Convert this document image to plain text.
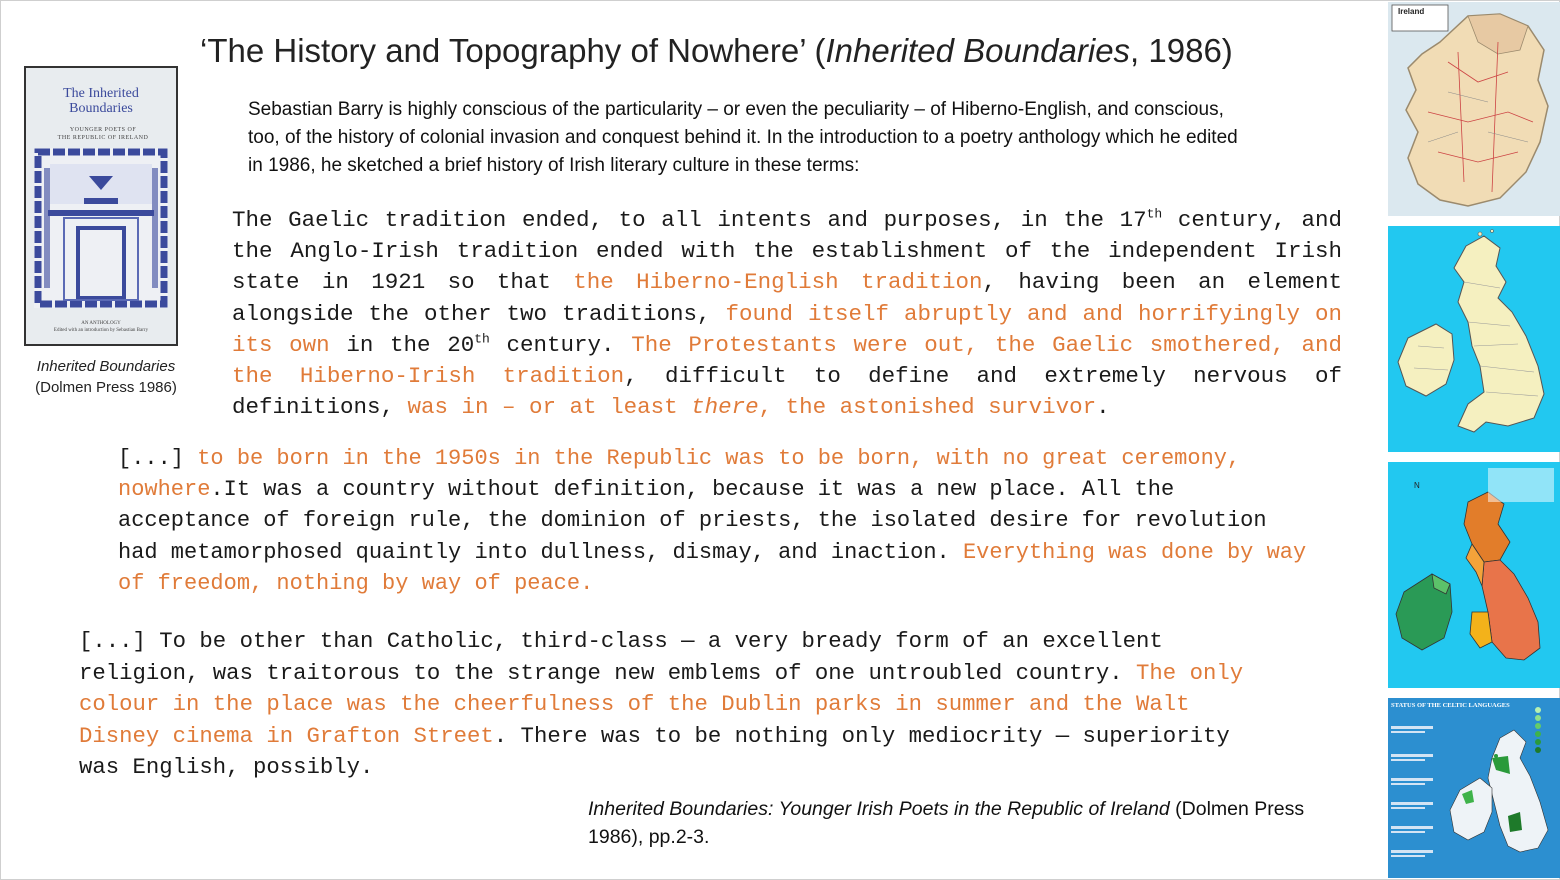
‘The History and Topography of Nowhere’ (Inherited Boundaries, 1986)
The Inherited
Boundaries
YOUNGER POETS OF
THE REPUBLIC OF IRELAND
AN ANTHOLOGY
Edited with an introduction by Sebastian Barry
Inherited Boundaries
(Dolmen Press 1986)
Sebastian Barry is highly conscious of the particularity – or even the peculiarity – of Hiberno-English, and conscious, too, of the history of colonial invasion and conquest behind it. In the introduction to a poetry anthology which he edited in 1986, he sketched a brief history of Irish literary culture in these terms:
The Gaelic tradition ended, to all intents and purposes, in the 17th century, and the Anglo-Irish tradition ended with the establishment of the independent Irish state in 1921 so that the Hiberno-English tradition, having been an element alongside the other two traditions, found itself abruptly and and horrifyingly on its own in the 20th century. The Protestants were out, the Gaelic smothered, and the Hiberno-Irish tradition, difficult to define and extremely nervous of definitions, was in – or at least there, the astonished survivor.
[...] to be born in the 1950s in the Republic was to be born, with no great ceremony, nowhere.It was a country without definition, because it was a new place. All the acceptance of foreign rule, the dominion of priests, the isolated desire for revolution had metamorphosed quaintly into dullness, dismay, and inaction. Everything was done by way of freedom, nothing by way of peace.
[...] To be other than Catholic, third-class — a very bready form of an excellent religion, was traitorous to the strange new emblems of one untroubled country. The only colour in the place was the cheerfulness of the Dublin parks in summer and the Walt Disney cinema in Grafton Street. There was to be nothing only mediocrity — superiority was English, possibly.
Inherited Boundaries: Younger Irish Poets in the Republic of Ireland (Dolmen Press 1986), pp.2-3.
Ireland
N
STATUS OF THE CELTIC LANGUAGES
